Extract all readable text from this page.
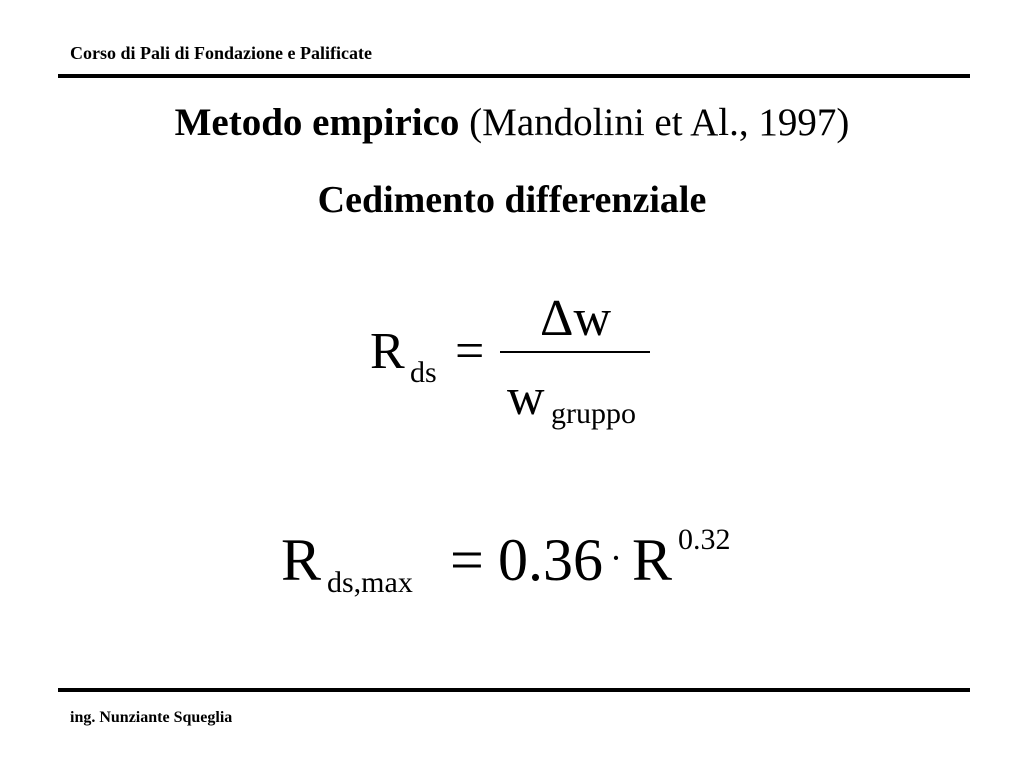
Corso di Pali di Fondazione e Palificate
Metodo empirico (Mandolini et Al., 1997)
Cedimento differenziale
R ds =
Δw
w gruppo
R ds,max = 0.36 · R 0.32
ing. Nunziante Squeglia
